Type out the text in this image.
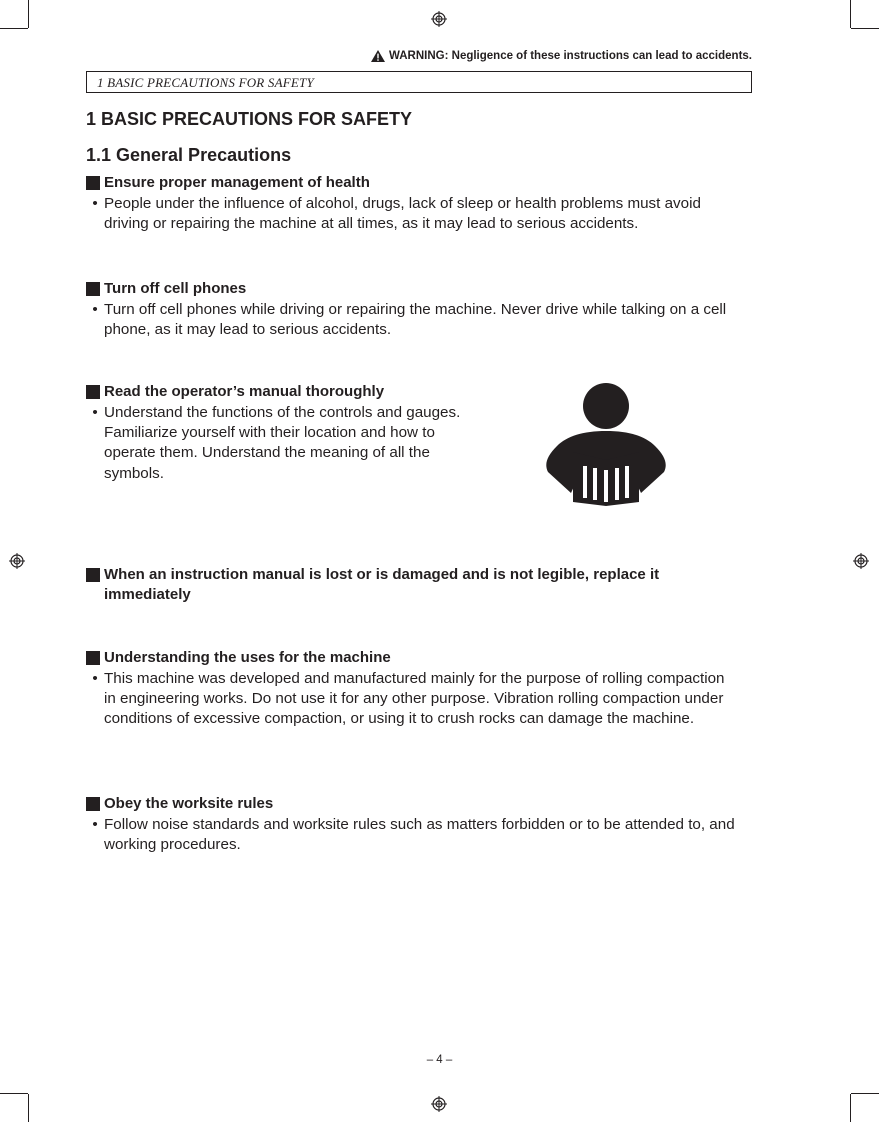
WARNING: Negligence of these instructions can lead to accidents.
1 BASIC PRECAUTIONS FOR SAFETY
1 BASIC PRECAUTIONS FOR SAFETY
1.1 General Precautions
Ensure proper management of health
• People under the influence of alcohol, drugs, lack of sleep or health problems must avoid driving or repairing the machine at all times, as it may lead to serious accidents.
Turn off cell phones
• Turn off cell phones while driving or repairing the machine. Never drive while talking on a cell phone, as it may lead to serious accidents.
Read the operator’s manual thoroughly
• Understand the functions of the controls and gauges. Familiarize yourself with their location and how to operate them. Understand the meaning of all the symbols.
When an instruction manual is lost or is damaged and is not legible, replace it immediately
Understanding the uses for the machine
• This machine was developed and manufactured mainly for the purpose of rolling compaction in engineering works. Do not use it for any other purpose. Vibration rolling compaction under conditions of excessive compaction, or using it to crush rocks can damage the machine.
Obey the worksite rules
• Follow noise standards and worksite rules such as matters forbidden or to be attended to, and working procedures.
– 4 –
